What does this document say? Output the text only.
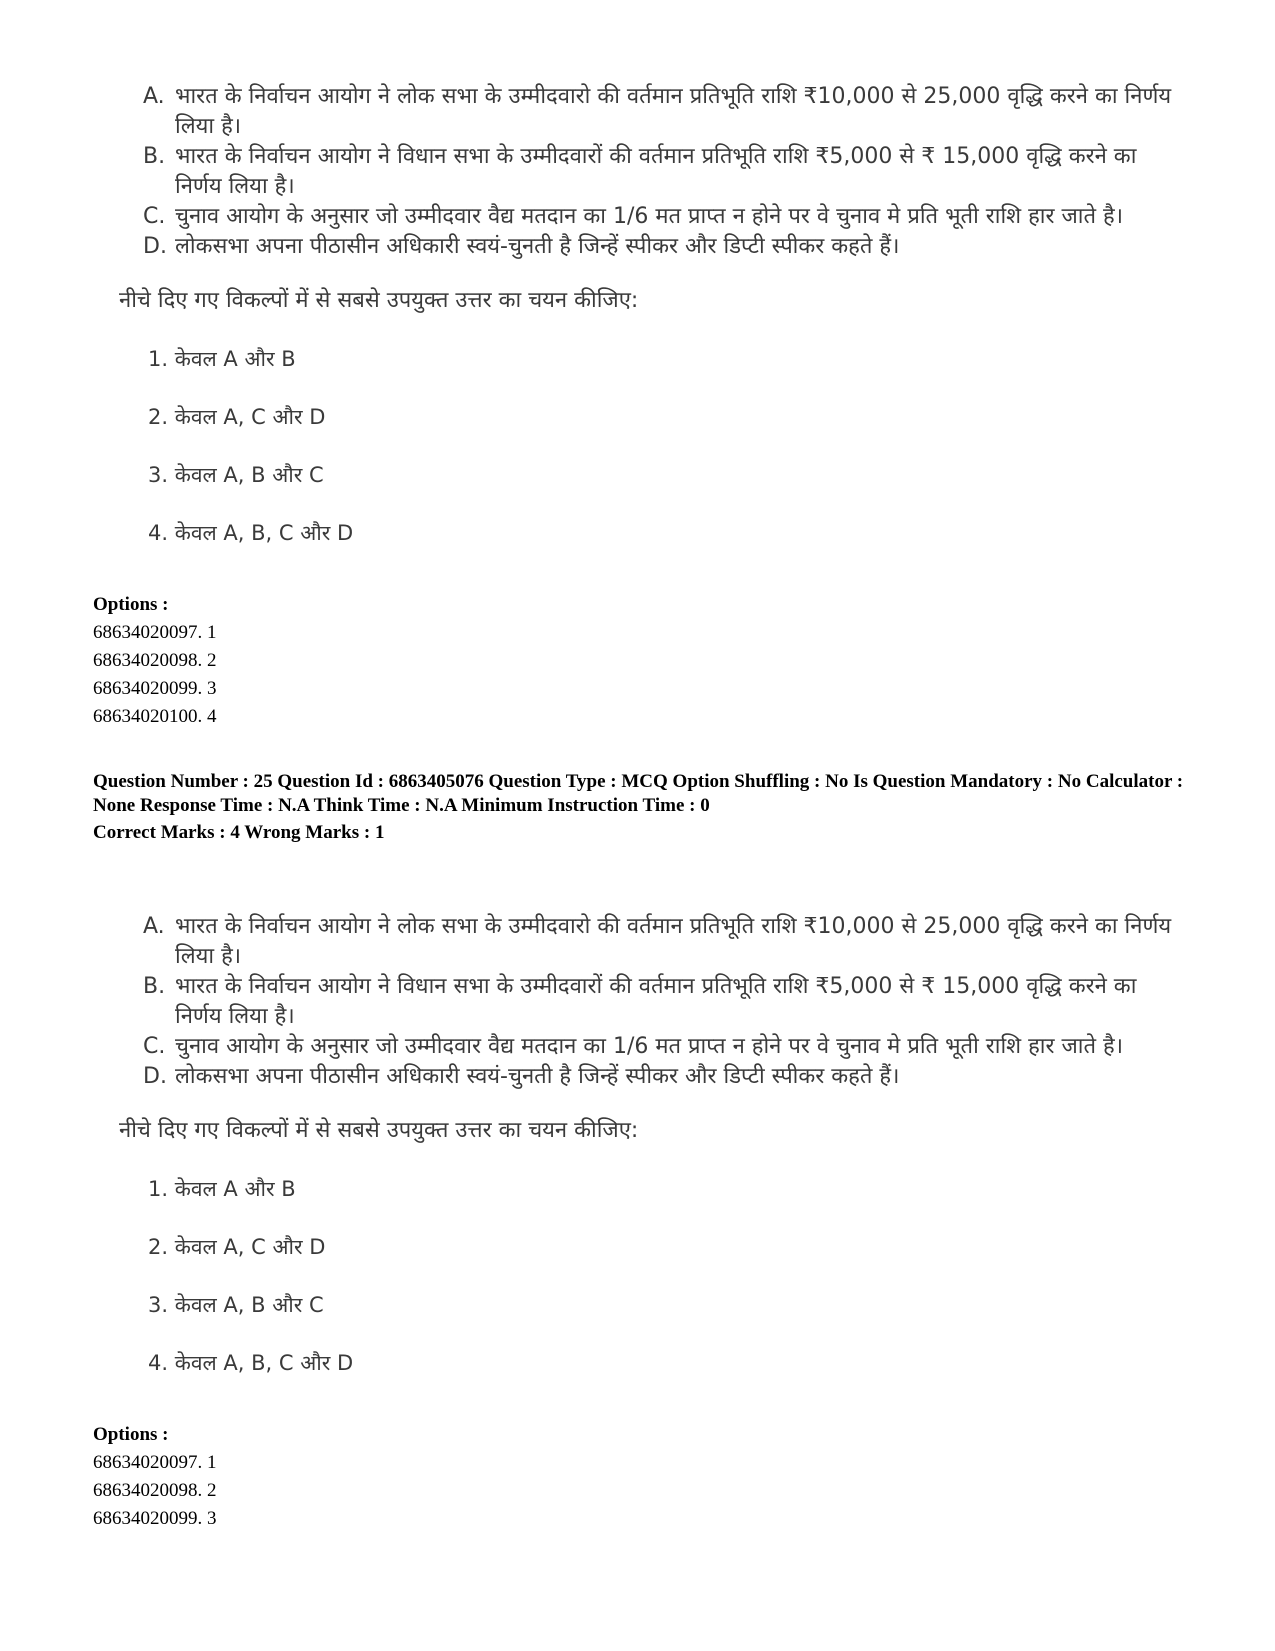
A. भारत के निर्वाचन आयोग ने लोक सभा के उम्मीदवारो की वर्तमान प्रतिभूति राशि ₹10,000 से 25,000 वृद्धि करने का निर्णय लिया है।
B. भारत के निर्वाचन आयोग ने विधान सभा के उम्मीदवारों की वर्तमान प्रतिभूति राशि ₹5,000 से ₹ 15,000 वृद्धि करने का निर्णय लिया है।
C. चुनाव आयोग के अनुसार जो उम्मीदवार वैद्य मतदान का 1/6 मत प्राप्त न होने पर वे चुनाव मे प्रति भूती राशि हार जाते है।
D. लोकसभा अपना पीठासीन अधिकारी स्वयं-चुनती है जिन्हें स्पीकर और डिप्टी स्पीकर कहते हैं।
नीचे दिए गए विकल्पों में से सबसे उपयुक्त उत्तर का चयन कीजिए:
1. केवल A और B
2. केवल A, C और D
3. केवल A, B और C
4. केवल A, B, C और D
Options :
68634020097. 1
68634020098. 2
68634020099. 3
68634020100. 4
Question Number : 25 Question Id : 6863405076 Question Type : MCQ Option Shuffling : No Is Question Mandatory : No Calculator : None Response Time : N.A Think Time : N.A Minimum Instruction Time : 0
Correct Marks : 4 Wrong Marks : 1
A. भारत के निर्वाचन आयोग ने लोक सभा के उम्मीदवारो की वर्तमान प्रतिभूति राशि ₹10,000 से 25,000 वृद्धि करने का निर्णय लिया है।
B. भारत के निर्वाचन आयोग ने विधान सभा के उम्मीदवारों की वर्तमान प्रतिभूति राशि ₹5,000 से ₹ 15,000 वृद्धि करने का निर्णय लिया है।
C. चुनाव आयोग के अनुसार जो उम्मीदवार वैद्य मतदान का 1/6 मत प्राप्त न होने पर वे चुनाव मे प्रति भूती राशि हार जाते है।
D. लोकसभा अपना पीठासीन अधिकारी स्वयं-चुनती है जिन्हें स्पीकर और डिप्टी स्पीकर कहते हैं।
नीचे दिए गए विकल्पों में से सबसे उपयुक्त उत्तर का चयन कीजिए:
1. केवल A और B
2. केवल A, C और D
3. केवल A, B और C
4. केवल A, B, C और D
Options :
68634020097. 1
68634020098. 2
68634020099. 3
